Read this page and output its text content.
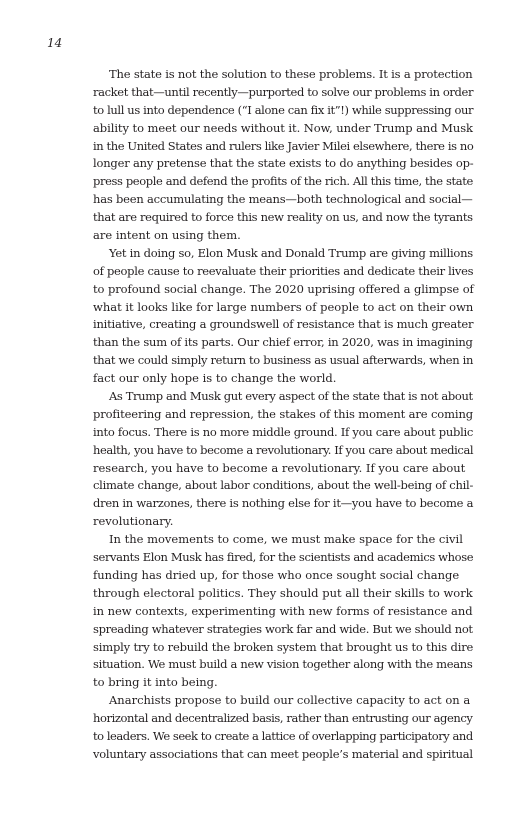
14
The state is not the solution to these problems. It is a protection
racket that—until recently—purported to solve our problems in order
to lull us into dependence (“I alone can fix it”!) while suppressing our
ability to meet our needs without it. Now, under Trump and Musk
in the United States and rulers like Javier Milei elsewhere, there is no
longer any pretense that the state exists to do anything besides op-
press people and defend the profits of the rich. All this time, the state
has been accumulating the means—both technological and social—
that are required to force this new reality on us, and now the tyrants
are intent on using them.
Yet in doing so, Elon Musk and Donald Trump are giving millions
of people cause to reevaluate their priorities and dedicate their lives
to profound social change. The 2020 uprising offered a glimpse of
what it looks like for large numbers of people to act on their own
initiative, creating a groundswell of resistance that is much greater
than the sum of its parts. Our chief error, in 2020, was in imagining
that we could simply return to business as usual afterwards, when in
fact our only hope is to change the world.
As Trump and Musk gut every aspect of the state that is not about
profiteering and repression, the stakes of this moment are coming
into focus. There is no more middle ground. If you care about public
health, you have to become a revolutionary. If you care about medical
research, you have to become a revolutionary. If you care about
climate change, about labor conditions, about the well-being of chil-
dren in warzones, there is nothing else for it—you have to become a
revolutionary.
In the movements to come, we must make space for the civil
servants Elon Musk has fired, for the scientists and academics whose
funding has dried up, for those who once sought social change
through electoral politics. They should put all their skills to work
in new contexts, experimenting with new forms of resistance and
spreading whatever strategies work far and wide. But we should not
simply try to rebuild the broken system that brought us to this dire
situation. We must build a new vision together along with the means
to bring it into being.
Anarchists propose to build our collective capacity to act on a
horizontal and decentralized basis, rather than entrusting our agency
to leaders. We seek to create a lattice of overlapping participatory and
voluntary associations that can meet people’s material and spiritual
